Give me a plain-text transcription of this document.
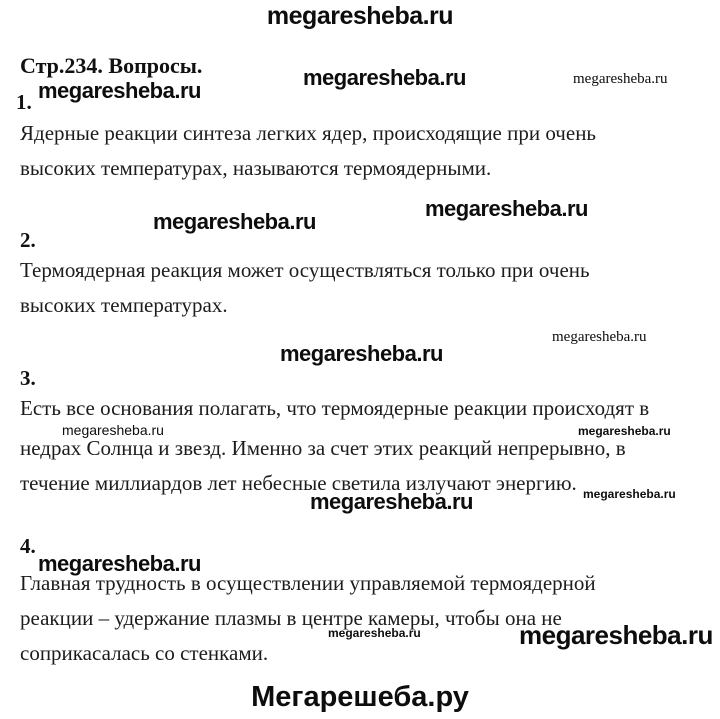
megaresheba.ru
Стр.234. Вопросы.	megaresheba.ru	megaresheba.ru
megaresheba.ru
1.
Ядерные реакции синтеза легких ядер, происходящие при очень
высоких температурах, называются термоядерными.
megaresheba.ru
megaresheba.ru
2.
Термоядерная реакция может осуществляться только при очень
высоких температурах.
megaresheba.ru
megaresheba.ru
3.
Есть все основания полагать, что термоядерные реакции происходят в
megaresheba.ru	megaresheba.ru
недрах Солнца и звезд. Именно за счет этих реакций непрерывно, в
течение миллиардов лет небесные светила излучают энергию. megaresheba.ru
megaresheba.ru
4.
megaresheba.ru
Главная трудность в осуществлении управляемой термоядерной
реакции – удержание плазмы в центре камеры, чтобы она не
megaresheba.ru	megaresheba.ru
соприкасалась со стенками.
Мегарешеба.ру
